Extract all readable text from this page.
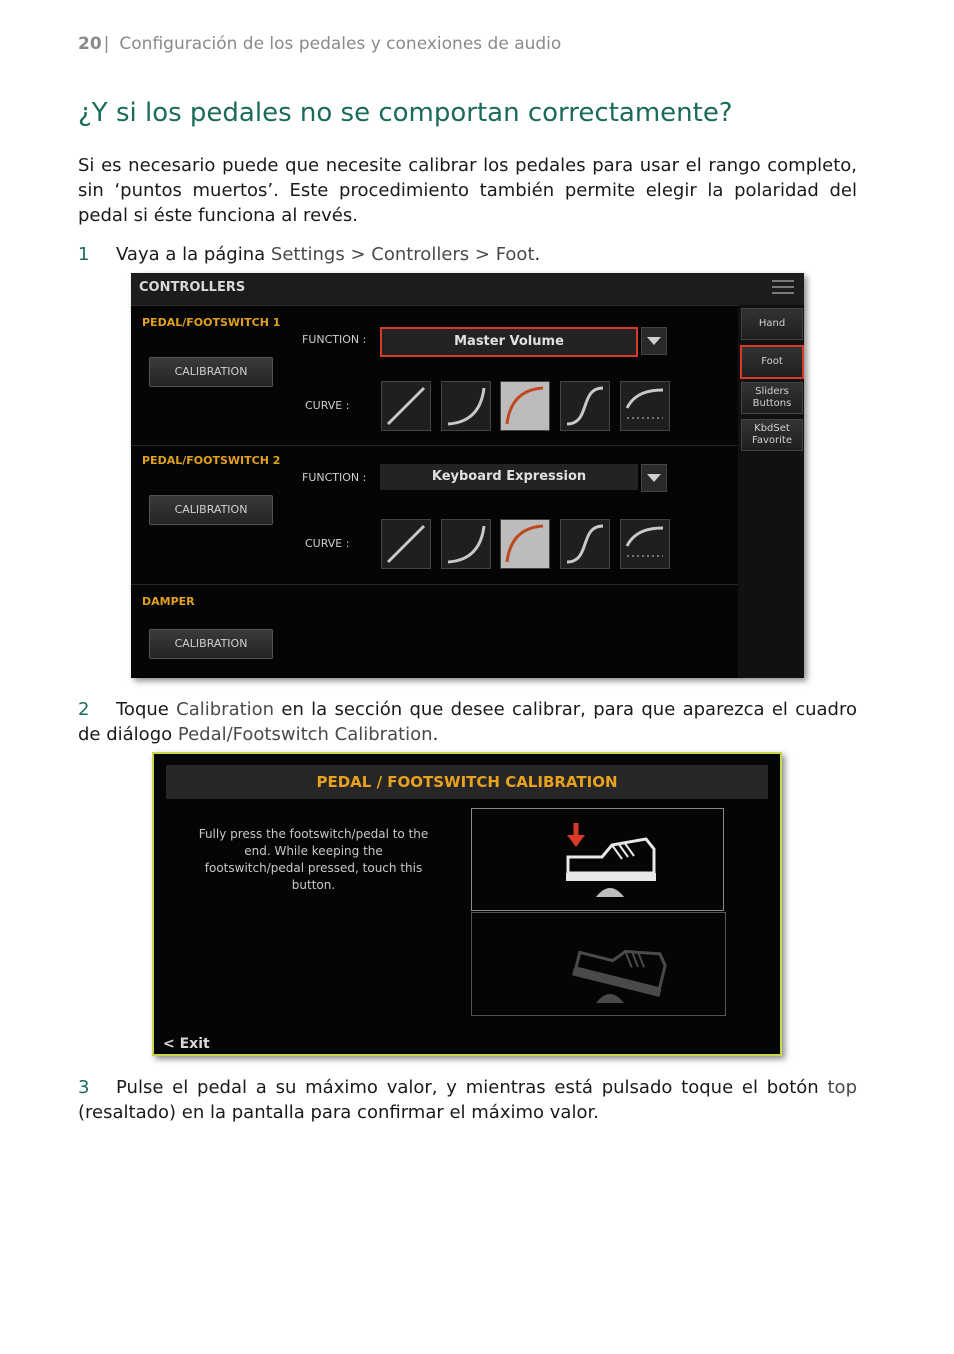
20 | Configuración de los pedales y conexiones de audio
¿Y si los pedales no se comportan correctamente?
Si es necesario puede que necesite calibrar los pedales para usar el rango completo, sin ‘puntos muertos’. Este procedimiento también permite elegir la polaridad del pedal si éste funciona al revés.
1 Vaya a la página Settings > Controllers > Foot.
CONTROLLERS
PEDAL/FOOTSWITCH 1
CALIBRATION
FUNCTION :	Master Volume
CURVE :
PEDAL/FOOTSWITCH 2
CALIBRATION
FUNCTION :	Keyboard Expression
CURVE :
DAMPER
CALIBRATION
Hand
Foot
Sliders
Buttons
KbdSet
Favorite
2 Toque Calibration en la sección que desee calibrar, para que aparezca el cuadro de diálogo Pedal/Footswitch Calibration.
PEDAL / FOOTSWITCH CALIBRATION
Fully press the footswitch/pedal to the end. While keeping the footswitch/pedal pressed, touch this button.
< Exit
3 Pulse el pedal a su máximo valor, y mientras está pulsado toque el botón top (resaltado) en la pantalla para confirmar el máximo valor.
